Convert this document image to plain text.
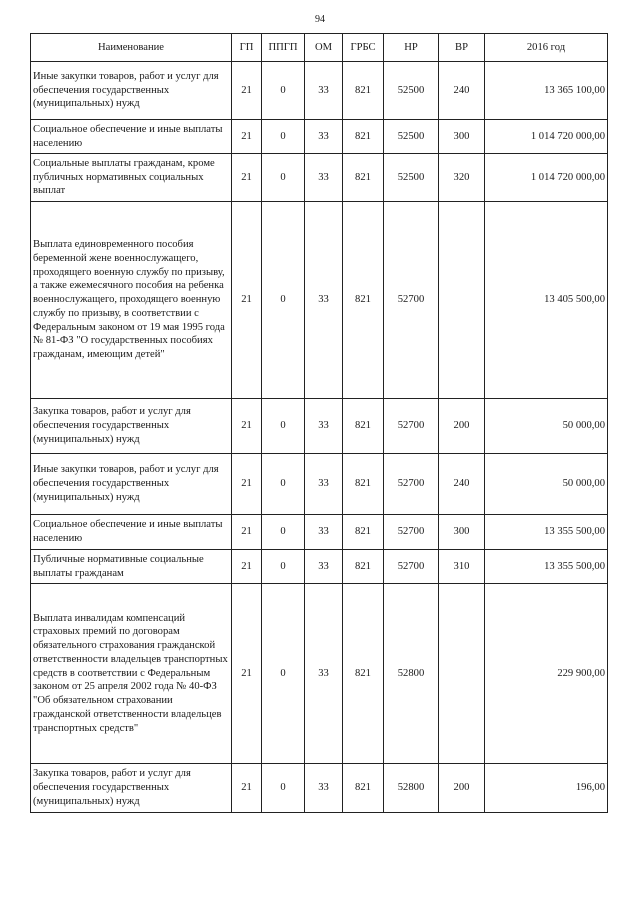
94
Наименование	ГП	ППГП	ОМ	ГРБС	НР	ВР	2016 год
Иные закупки товаров, работ и услуг для обеспечения государственных (муниципальных) нужд	21	0	33	821	52500	240	13 365 100,00
Социальное обеспечение и иные выплаты населению	21	0	33	821	52500	300	1 014 720 000,00
Социальные выплаты гражданам, кроме публичных нормативных социальных выплат	21	0	33	821	52500	320	1 014 720 000,00
Выплата единовременного пособия беременной жене военнослужащего, проходящего военную службу по призыву, а также ежемесячного пособия на ребенка военнослужащего, проходящего военную службу по призыву, в соответствии с Федеральным законом от 19 мая 1995 года № 81-ФЗ "О государственных пособиях гражданам, имеющим детей"	21	0	33	821	52700		13 405 500,00
Закупка товаров, работ и услуг для обеспечения государственных (муниципальных) нужд	21	0	33	821	52700	200	50 000,00
Иные закупки товаров, работ и услуг для обеспечения государственных (муниципальных) нужд	21	0	33	821	52700	240	50 000,00
Социальное обеспечение и иные выплаты населению	21	0	33	821	52700	300	13 355 500,00
Публичные нормативные социальные выплаты гражданам	21	0	33	821	52700	310	13 355 500,00
Выплата инвалидам компенсаций страховых премий по договорам обязательного страхования гражданской ответственности владельцев транспортных средств в соответствии с Федеральным законом от 25 апреля 2002 года № 40-ФЗ "Об обязательном страховании гражданской ответственности владельцев транспортных средств"	21	0	33	821	52800		229 900,00
Закупка товаров, работ и услуг для обеспечения государственных (муниципальных) нужд	21	0	33	821	52800	200	196,00
